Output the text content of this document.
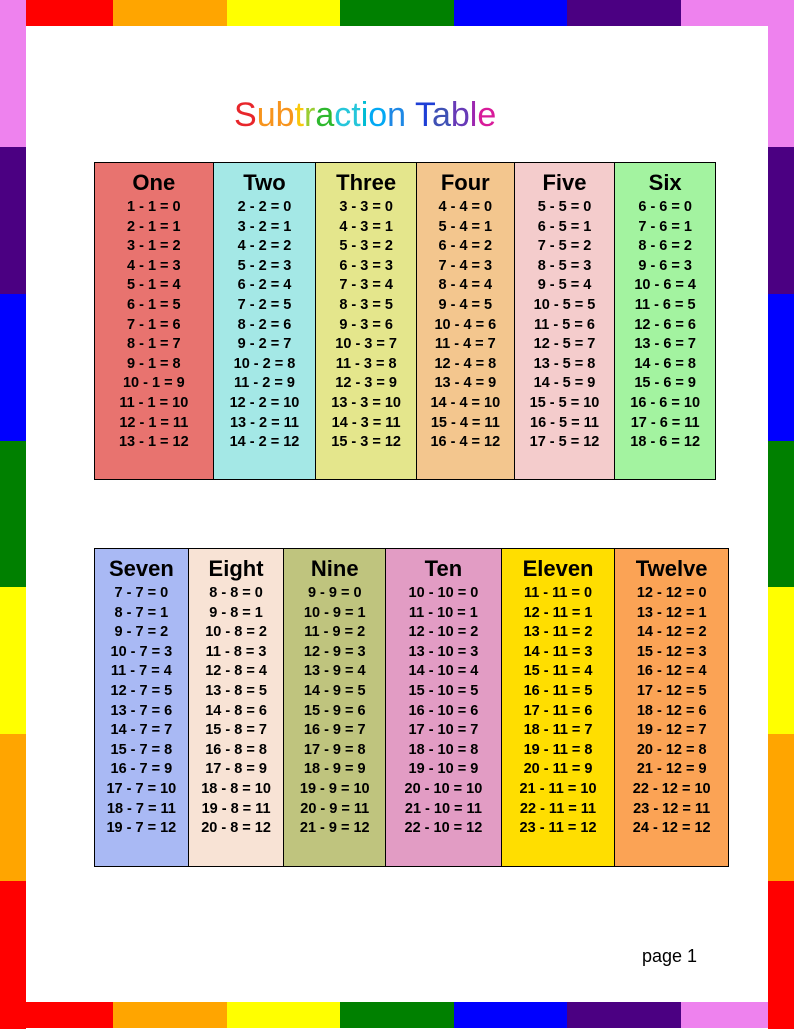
Subtraction Table
One
1 - 1 = 0
2 - 1 = 1
3 - 1 = 2
4 - 1 = 3
5 - 1 = 4
6 - 1 = 5
7 - 1 = 6
8 - 1 = 7
9 - 1 = 8
10 - 1 = 9
11 - 1 = 10
12 - 1 = 11
13 - 1 = 12
Two
2 - 2 = 0
3 - 2 = 1
4 - 2 = 2
5 - 2 = 3
6 - 2 = 4
7 - 2 = 5
8 - 2 = 6
9 - 2 = 7
10 - 2 = 8
11 - 2 = 9
12 - 2 = 10
13 - 2 = 11
14 - 2 = 12
Three
3 - 3 = 0
4 - 3 = 1
5 - 3 = 2
6 - 3 = 3
7 - 3 = 4
8 - 3 = 5
9 - 3 = 6
10 - 3 = 7
11 - 3 = 8
12 - 3 = 9
13 - 3 = 10
14 - 3 = 11
15 - 3 = 12
Four
4 - 4 = 0
5 - 4 = 1
6 - 4 = 2
7 - 4 = 3
8 - 4 = 4
9 - 4 = 5
10 - 4 = 6
11 - 4 = 7
12 - 4 = 8
13 - 4 = 9
14 - 4 = 10
15 - 4 = 11
16 - 4 = 12
Five
5 - 5 = 0
6 - 5 = 1
7 - 5 = 2
8 - 5 = 3
9 - 5 = 4
10 - 5 = 5
11 - 5 = 6
12 - 5 = 7
13 - 5 = 8
14 - 5 = 9
15 - 5 = 10
16 - 5 = 11
17 - 5 = 12
Six
6 - 6 = 0
7 - 6 = 1
8 - 6 = 2
9 - 6 = 3
10 - 6 = 4
11 - 6 = 5
12 - 6 = 6
13 - 6 = 7
14 - 6 = 8
15 - 6 = 9
16 - 6 = 10
17 - 6 = 11
18 - 6 = 12
Seven
7 - 7 = 0
8 - 7 = 1
9 - 7 = 2
10 - 7 = 3
11 - 7 = 4
12 - 7 = 5
13 - 7 = 6
14 - 7 = 7
15 - 7 = 8
16 - 7 = 9
17 - 7 = 10
18 - 7 = 11
19 - 7 = 12
Eight
8 - 8 = 0
9 - 8 = 1
10 - 8 = 2
11 - 8 = 3
12 - 8 = 4
13 - 8 = 5
14 - 8 = 6
15 - 8 = 7
16 - 8 = 8
17 - 8 = 9
18 - 8 = 10
19 - 8 = 11
20 - 8 = 12
Nine
9 - 9 = 0
10 - 9 = 1
11 - 9 = 2
12 - 9 = 3
13 - 9 = 4
14 - 9 = 5
15 - 9 = 6
16 - 9 = 7
17 - 9 = 8
18 - 9 = 9
19 - 9 = 10
20 - 9 = 11
21 - 9 = 12
Ten
10 - 10 = 0
11 - 10 = 1
12 - 10 = 2
13 - 10 = 3
14 - 10 = 4
15 - 10 = 5
16 - 10 = 6
17 - 10 = 7
18 - 10 = 8
19 - 10 = 9
20 - 10 = 10
21 - 10 = 11
22 - 10 = 12
Eleven
11 - 11 = 0
12 - 11 = 1
13 - 11 = 2
14 - 11 = 3
15 - 11 = 4
16 - 11 = 5
17 - 11 = 6
18 - 11 = 7
19 - 11 = 8
20 - 11 = 9
21 - 11 = 10
22 - 11 = 11
23 - 11 = 12
Twelve
12 - 12 = 0
13 - 12 = 1
14 - 12 = 2
15 - 12 = 3
16 - 12 = 4
17 - 12 = 5
18 - 12 = 6
19 - 12 = 7
20 - 12 = 8
21 - 12 = 9
22 - 12 = 10
23 - 12 = 11
24 - 12 = 12
page 1
